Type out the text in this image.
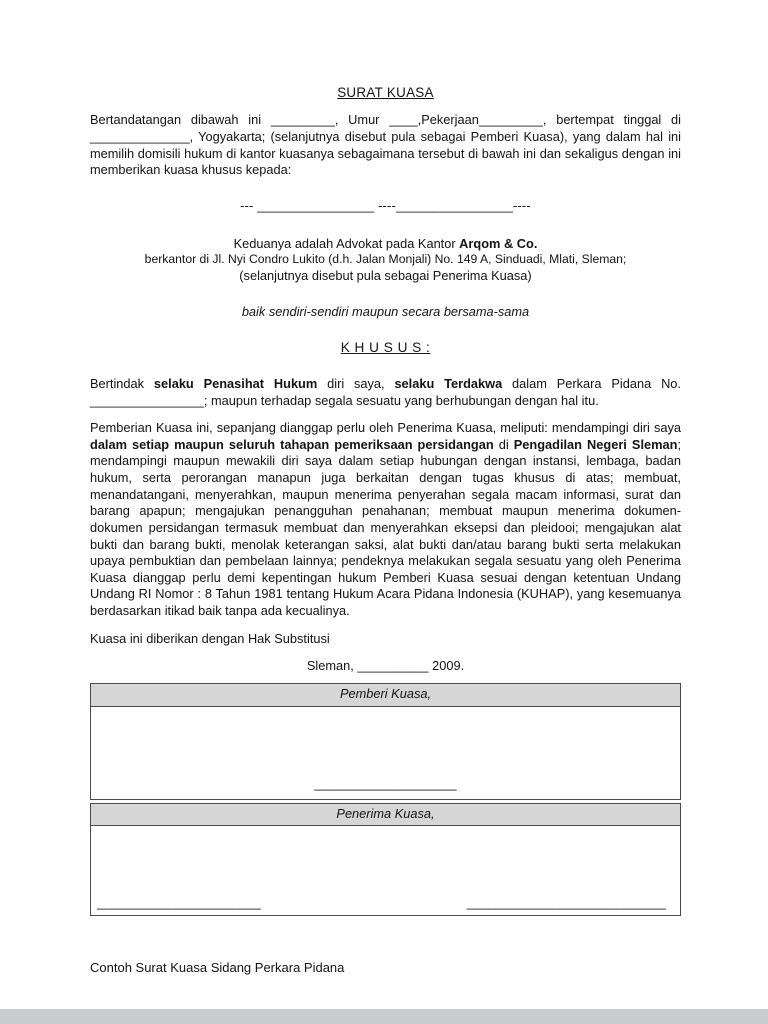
SURAT KUASA

Bertandatangan dibawah ini _________, Umur ____,Pekerjaan_________, bertempat tinggal di ______________, Yogyakarta; (selanjutnya disebut pula sebagai Pemberi Kuasa), yang dalam hal ini memilih domisili hukum di kantor kuasanya sebagaimana tersebut di bawah ini dan sekaligus dengan ini memberikan kuasa khusus kepada:

--- ________________ ----________________----

Keduanya adalah Advokat pada Kantor Arqom & Co.

berkantor di Jl. Nyi Condro Lukito (d.h. Jalan Monjali) No. 149 A, Sinduadi, Mlati, Sleman;

(selanjutnya disebut pula sebagai Penerima Kuasa)

baik sendiri-sendiri maupun secara bersama-sama

K H U S U S :

Bertindak selaku Penasihat Hukum diri saya, selaku Terdakwa dalam Perkara Pidana No. ________________; maupun terhadap segala sesuatu yang berhubungan dengan hal itu.

Pemberian Kuasa ini, sepanjang dianggap perlu oleh Penerima Kuasa, meliputi: mendampingi diri saya dalam setiap maupun seluruh tahapan pemeriksaan persidangan di Pengadilan Negeri Sleman; mendampingi maupun mewakili diri saya dalam setiap hubungan dengan instansi, lembaga, badan hukum, serta perorangan manapun juga berkaitan dengan tugas khusus di atas; membuat, menandatangani, menyerahkan, maupun menerima penyerahan segala macam informasi, surat dan barang apapun; mengajukan penangguhan penahanan; membuat maupun menerima dokumen-dokumen persidangan termasuk membuat dan menyerahkan eksepsi dan pleidooi; mengajukan alat bukti dan barang bukti, menolak keterangan saksi, alat bukti dan/atau barang bukti serta melakukan upaya pembuktian dan pembelaan lainnya; pendeknya melakukan segala sesuatu yang oleh Penerima Kuasa dianggap perlu demi kepentingan hukum Pemberi Kuasa sesuai dengan ketentuan Undang Undang RI Nomor : 8 Tahun 1981 tentang Hukum Acara Pidana Indonesia (KUHAP), yang kesemuanya berdasarkan itikad baik tanpa ada kecualinya.

Kuasa ini diberikan dengan Hak Substitusi

Sleman, __________ 2009.

Pemberi Kuasa,
____________________
Penerima Kuasa,
_______________________	____________________________

Contoh Surat Kuasa Sidang Perkara Pidana
